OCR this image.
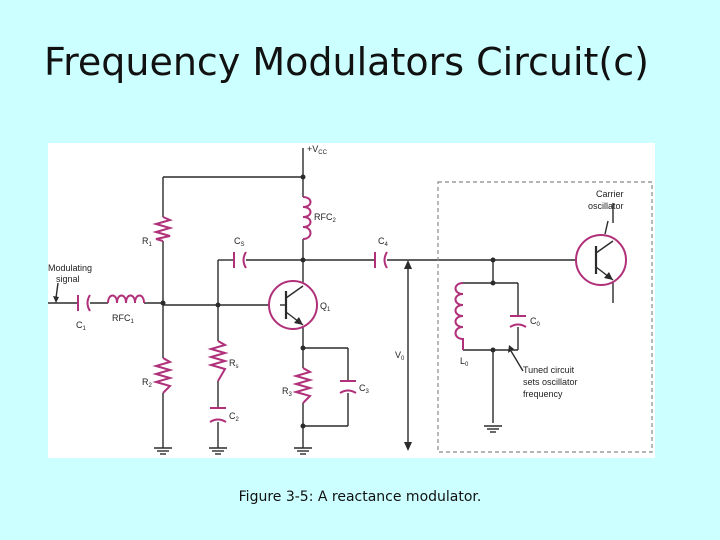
Frequency Modulators Circuit(c)
$+V_{CC}$
$RFC_2$
$R_1$	$C_S$	$C_4$
Modulating
signal
$C_1$
$RFC_1$
$Q_1$
$R_s$
$R_2$
$C_2$
$R_3$
$C_3$
$V_0$
Carrier
oscillator
$C_0$
$L_0$	Tuned circuit
sets oscillator
frequency
Figure 3-5: A reactance modulator.
